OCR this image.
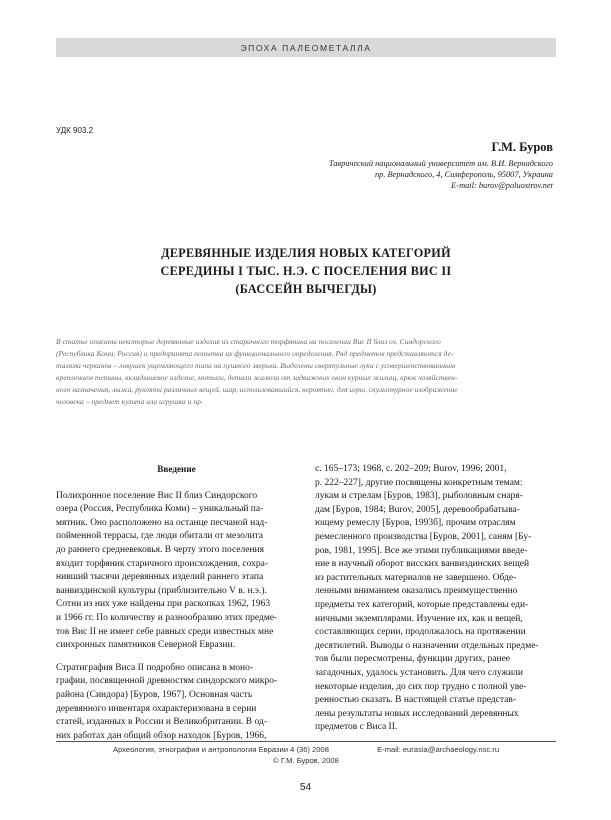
ЭПОХА ПАЛЕОМЕТАЛЛА
УДК 903.2
Г.М. Буров
Таврический национальный университет им. В.И. Вернадского
пр. Вернадского, 4, Симферополь, 95007, Украина
E-mail: burov@poluostrov.net
ДЕРЕВЯННЫЕ ИЗДЕЛИЯ НОВЫХ КАТЕГОРИЙ
СЕРЕДИНЫ I ТЫС. Н.Э. С ПОСЕЛЕНИЯ ВИС II
(БАССЕЙН ВЫЧЕГДЫ)
В статье описаны некоторые деревянные изделия из старичного торфяника на поселении Вис II близ оз. Синдорского
(Республика Коми, Россия) и предпринята попытка их функционального определения. Ряд предметов представляются де-
талями черканов – ловушек ущемляющего типа на пушного зверька. Выделены сверхпульные луки с усовершенствованным
креплением тетивы, вкладышевое изделие, мотыги, детали жалюзи от задвижных окон курных жилищ, крюк хозяйствен-
ного назначения, лыжа, рукояти различных вещей, шар, использовавшийся, вероятно, для игры, скульптурное изображение
человека – предмет культа или игрушка и пр.
Введение
Полихронное поселение Вис II близ Синдорского
озера (Россия, Республика Коми) – уникальный па-
мятник. Оно расположено на останце песчаной над-
пойменной террасы, где люди обитали от мезолита
до раннего средневековья. В черту этого поселения
входит торфяник старичного происхождения, сохра-
нивший тысячи деревянных изделий раннего этапа
ванвиздинской культуры (приблизительно V в. н.э.).
Сотни из них уже найдены при раскопках 1962, 1963
и 1966 гг. По количеству и разнообразию этих предме-
тов Вис II не имеет себе равных среди известных мне
синхронных памятников Северной Евразии.
Стратиграфия Виса II подробно описана в моно-
графии, посвященной древностям синдорского микро-
района (Синдора) [Буров, 1967]. Основная часть
деревянного инвентаря охарактеризована в серии
статей, изданных в России и Великобритании. В од-
них работах дан общий обзор находок [Буров, 1966,
с. 165–173; 1968, с. 202–209; Burov, 1996; 2001,
p. 222–227], другие посвящены конкретным темам:
лукам и стрелам [Буров, 1983], рыболовным снаря-
дам [Буров, 1984; Burov, 2005], деревообрабатыва-
ющему ремеслу [Буров, 1993б], прочим отраслям
ремесленного производства [Буров, 2001], саням [Бу-
ров, 1981, 1995]. Все же этими публикациями введе-
ние в научный оборот висских ванвиздинских вещей
из растительных материалов не завершено. Обде-
ленными вниманием оказались преимущественно
предметы тех категорий, которые представлены еди-
ничными экземплярами. Изучение их, как и вещей,
составляющих серии, продолжалось на протяжении
десятилетий. Выводы о назначении отдельных предме-
тов были пересмотрены, функции других, ранее
загадочных, удалось установить. Для чего служили
некоторые изделия, до сих пор трудно с полной уве-
ренностью сказать. В настоящей статье представ-
лены результаты новых исследований деревянных
предметов с Виса II.
Археология, этнография и антропология Евразии 4 (36) 2008	E-mail: eurasia@archaeology.nsc.ru
© Г.М. Буров, 2008
54
